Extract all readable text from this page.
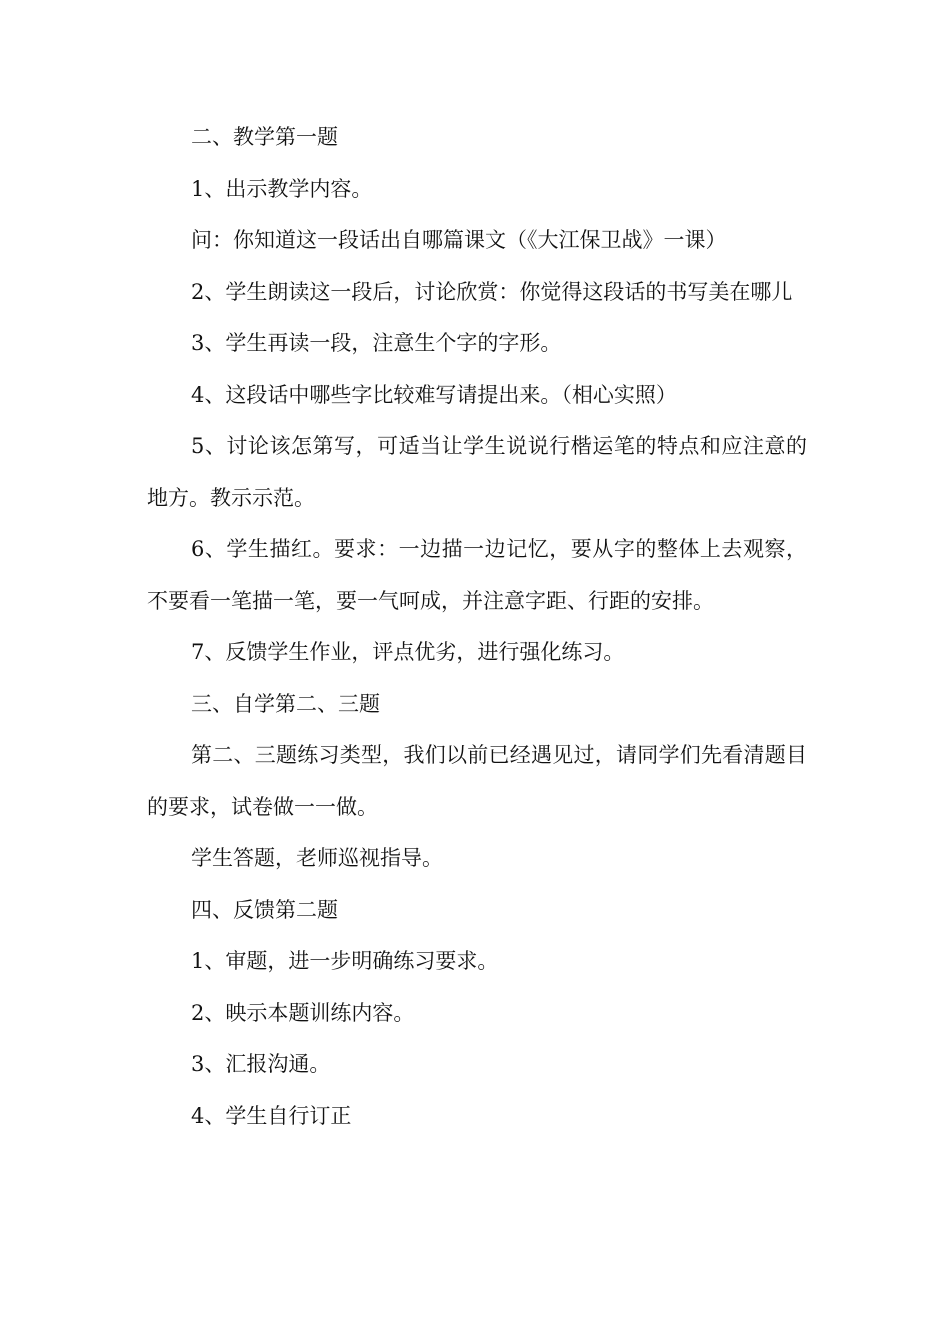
二、教学第一题

1、出示教学内容。

问：你知道这一段话出自哪篇课文（《大江保卫战》一课）

2、学生朗读这一段后，讨论欣赏：你觉得这段话的书写美在哪儿

3、学生再读一段，注意生个字的字形。

4、这段话中哪些字比较难写请提出来。（相心实照）

5、讨论该怎第写，可适当让学生说说行楷运笔的特点和应注意的地方。教示示范。

6、学生描红。要求：一边描一边记忆，要从字的整体上去观察，不要看一笔描一笔，要一气呵成，并注意字距、行距的安排。

7、反馈学生作业，评点优劣，进行强化练习。

三、自学第二、三题

第二、三题练习类型，我们以前已经遇见过，请同学们先看清题目的要求，试卷做一一做。

学生答题，老师巡视指导。

四、反馈第二题

1、审题，进一步明确练习要求。

2、映示本题训练内容。

3、汇报沟通。

4、学生自行订正
